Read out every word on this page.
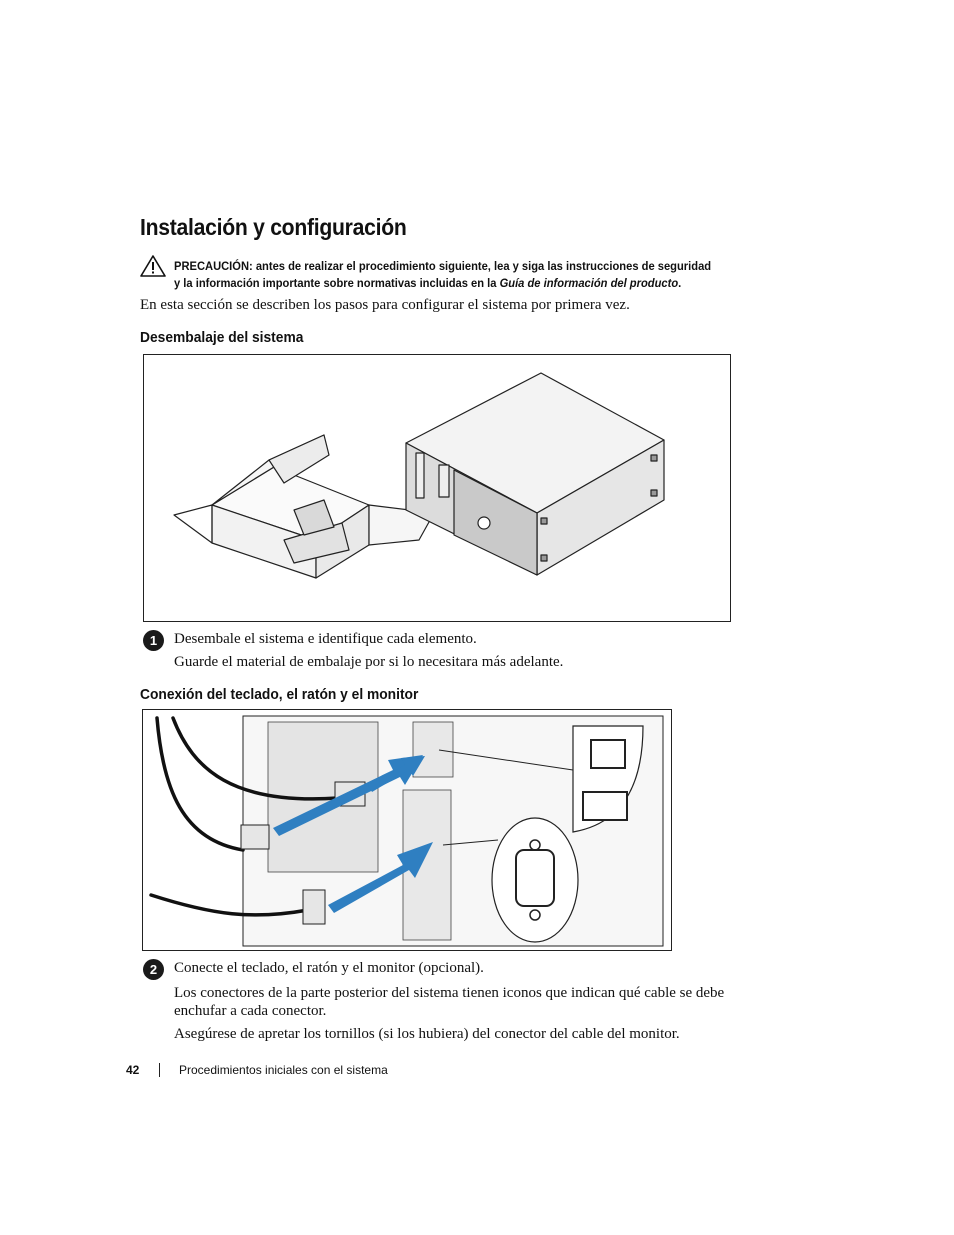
Instalación y configuración
PRECAUCIÓN: antes de realizar el procedimiento siguiente, lea y siga las instrucciones de seguridad
y la información importante sobre normativas incluidas en la Guía de información del producto.
En esta sección se describen los pasos para configurar el sistema por primera vez.
Desembalaje del sistema
1	Desembale el sistema e identifique cada elemento.
Guarde el material de embalaje por si lo necesitara más adelante.
Conexión del teclado, el ratón y el monitor
2	Conecte el teclado, el ratón y el monitor (opcional).
Los conectores de la parte posterior del sistema tienen iconos que indican qué cable se debe
enchufar a cada conector.
Asegúrese de apretar los tornillos (si los hubiera) del conector del cable del monitor.
42	Procedimientos iniciales con el sistema
